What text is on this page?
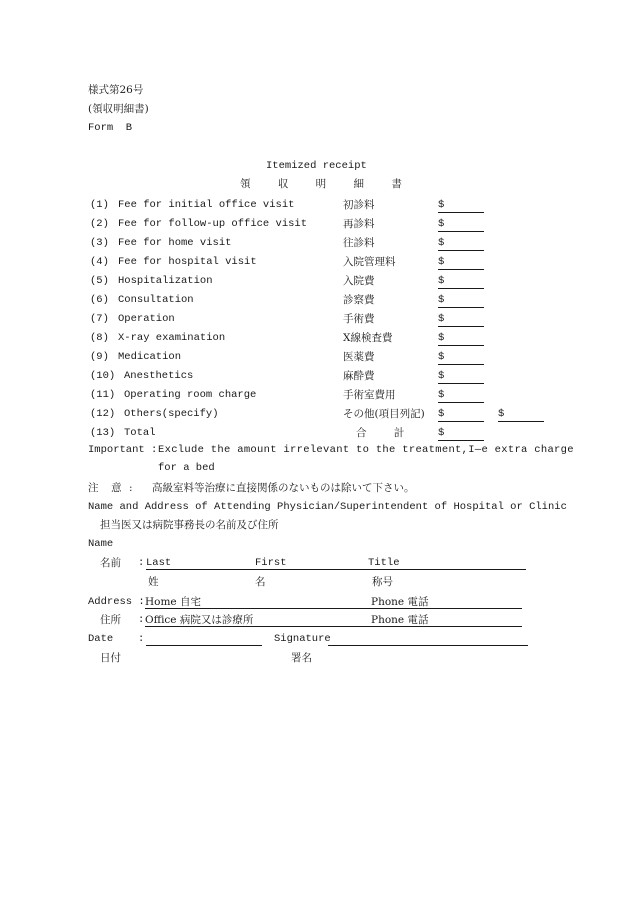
様式第26号
(領収明細書)
Form  B
Itemized receipt
領 収 明 細 書
(1) Fee for initial office visit	初診料	$
(2) Fee for follow-up office visit	再診料	$
(3) Fee for home visit	往診料	$
(4) Fee for hospital visit	入院管理料	$
(5) Hospitalization	入院費	$
(6) Consultation	診察費	$
(7) Operation	手術費	$
(8) X-ray examination	X線検査費	$
(9) Medication	医薬費	$
(10) Anesthetics	麻酔費	$
(11) Operating room charge	手術室費用	$
(12) Others(specify)	その他(項目列記) $	$
(13) Total	合 計 $
Important : Exclude the amount irrelevant to the treatment,I—e extra charge
for a bed
注  意 : 高級室料等治療に直接関係のないものは除いて下さい。
Name and Address of Attending Physician/Superintendent of Hospital or Clinic
担当医又は病院事務長の名前及び住所
Name
名前 : Last	First	Title
姓	名	称号
Address : Home 自宅	Phone 電話
住所 : Office 病院又は診療所	Phone 電話
Date :	Signature
日付	署名
